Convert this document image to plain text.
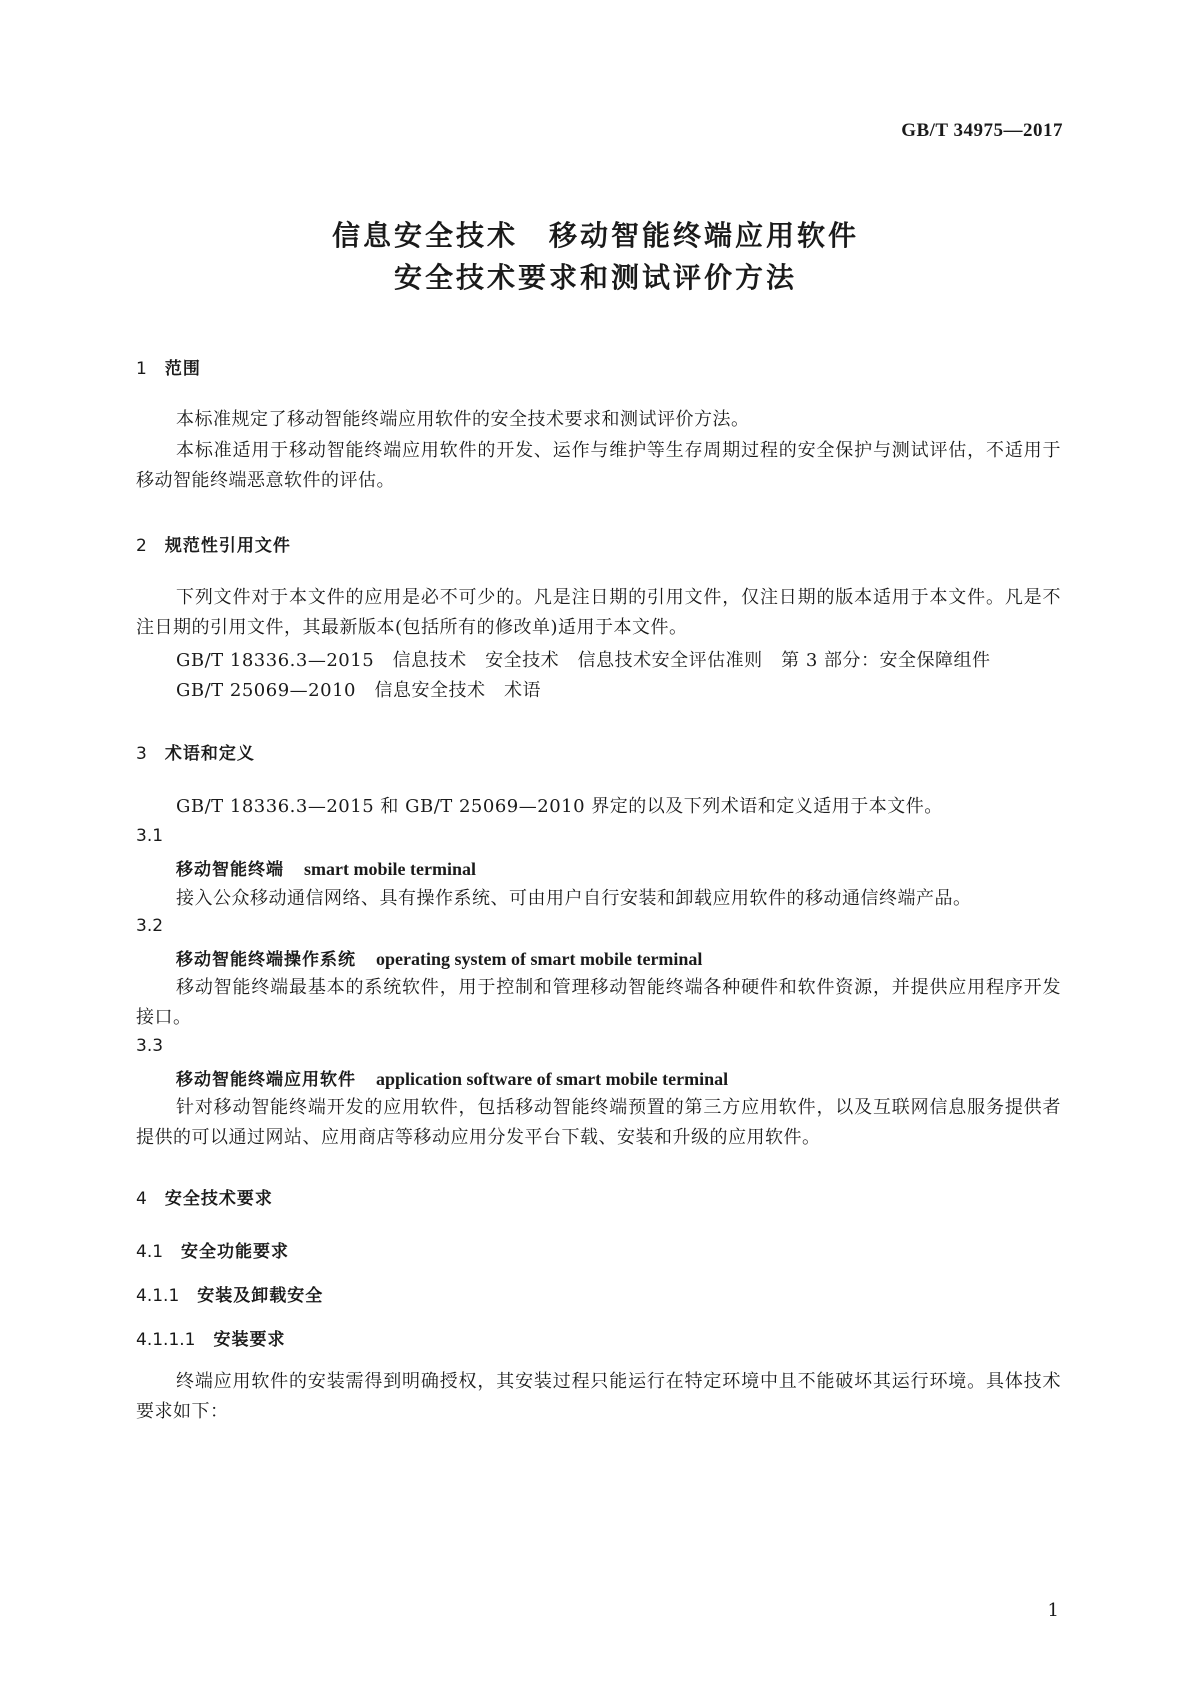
GB/T 34975—2017
信息安全技术　移动智能终端应用软件
安全技术要求和测试评价方法
1 范围
本标准规定了移动智能终端应用软件的安全技术要求和测试评价方法。
本标准适用于移动智能终端应用软件的开发、运作与维护等生存周期过程的安全保护与测试评估，不适用于移动智能终端恶意软件的评估。
2 规范性引用文件
下列文件对于本文件的应用是必不可少的。凡是注日期的引用文件，仅注日期的版本适用于本文件。凡是不注日期的引用文件，其最新版本(包括所有的修改单)适用于本文件。
GB/T 18336.3—2015　信息技术　安全技术　信息技术安全评估准则　第 3 部分：安全保障组件
GB/T 25069—2010　信息安全技术　术语
3 术语和定义
GB/T 18336.3—2015 和 GB/T 25069—2010 界定的以及下列术语和定义适用于本文件。
3.1
移动智能终端 smart mobile terminal
接入公众移动通信网络、具有操作系统、可由用户自行安装和卸载应用软件的移动通信终端产品。
3.2
移动智能终端操作系统 operating system of smart mobile terminal
移动智能终端最基本的系统软件，用于控制和管理移动智能终端各种硬件和软件资源，并提供应用程序开发接口。
3.3
移动智能终端应用软件 application software of smart mobile terminal
针对移动智能终端开发的应用软件，包括移动智能终端预置的第三方应用软件，以及互联网信息服务提供者提供的可以通过网站、应用商店等移动应用分发平台下载、安装和升级的应用软件。
4 安全技术要求
4.1 安全功能要求
4.1.1 安装及卸载安全
4.1.1.1 安装要求
终端应用软件的安装需得到明确授权，其安装过程只能运行在特定环境中且不能破坏其运行环境。具体技术要求如下：
1
